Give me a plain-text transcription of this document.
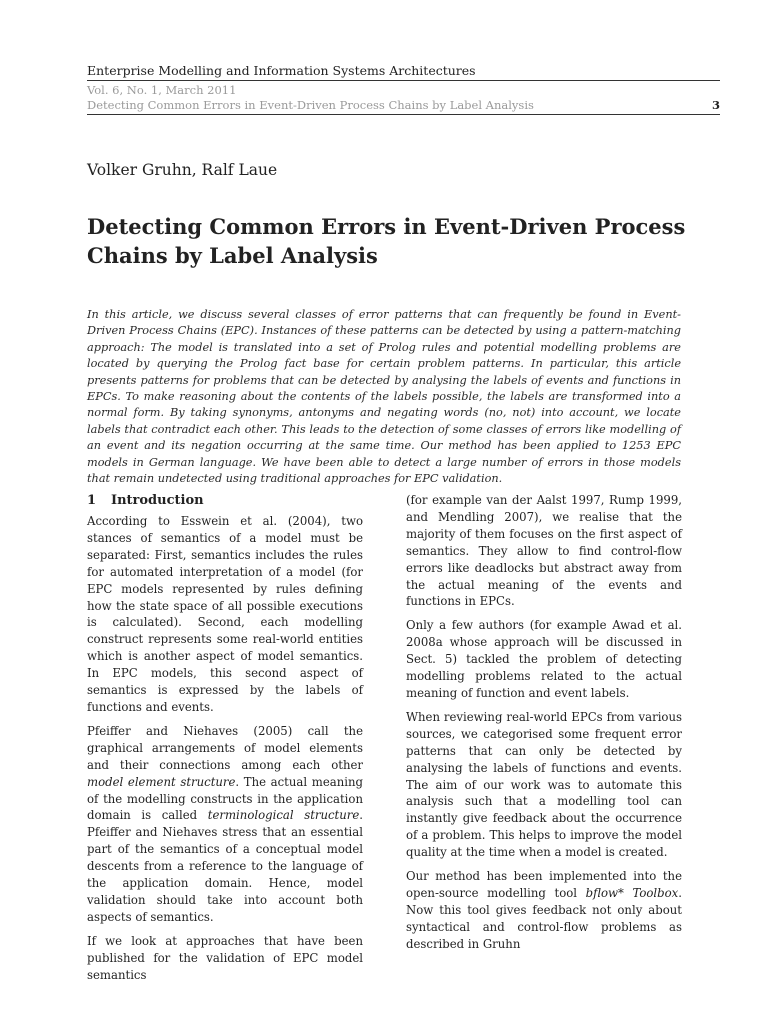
Enterprise Modelling and Information Systems Architectures
Vol. 6, No. 1, March 2011
Detecting Common Errors in Event-Driven Process Chains by Label Analysis	3
Volker Gruhn, Ralf Laue
Detecting Common Errors in Event-Driven Process Chains by Label Analysis
In this article, we discuss several classes of error patterns that can frequently be found in Event-Driven Process Chains (EPC). Instances of these patterns can be detected by using a pattern-matching approach: The model is translated into a set of Prolog rules and potential modelling problems are located by querying the Prolog fact base for certain problem patterns. In particular, this article presents patterns for problems that can be detected by analysing the labels of events and functions in EPCs. To make reasoning about the contents of the labels possible, the labels are transformed into a normal form. By taking synonyms, antonyms and negating words (no, not) into account, we locate labels that contradict each other. This leads to the detection of some classes of errors like modelling of an event and its negation occurring at the same time. Our method has been applied to 1253 EPC models in German language. We have been able to detect a large number of errors in those models that remain undetected using traditional approaches for EPC validation.
1 Introduction

According to Esswein et al. (2004), two stances of semantics of a model must be separated: First, semantics includes the rules for automated interpretation of a model (for EPC models represented by rules defining how the state space of all possible executions is calculated). Second, each modelling construct represents some real-world entities which is another aspect of model semantics. In EPC models, this second aspect of semantics is expressed by the labels of functions and events.

Pfeiffer and Niehaves (2005) call the graphical arrangements of model elements and their connections among each other model element structure. The actual meaning of the modelling constructs in the application domain is called terminological structure. Pfeiffer and Niehaves stress that an essential part of the semantics of a conceptual model descents from a reference to the language of the application domain. Hence, model validation should take into account both aspects of semantics.

If we look at approaches that have been published for the validation of EPC model semantics

(for example van der Aalst 1997, Rump 1999, and Mendling 2007), we realise that the majority of them focuses on the first aspect of semantics. They allow to find control-flow errors like deadlocks but abstract away from the actual meaning of the events and functions in EPCs.

Only a few authors (for example Awad et al. 2008a whose approach will be discussed in Sect. 5) tackled the problem of detecting modelling problems related to the actual meaning of function and event labels.

When reviewing real-world EPCs from various sources, we categorised some frequent error patterns that can only be detected by analysing the labels of functions and events. The aim of our work was to automate this analysis such that a modelling tool can instantly give feedback about the occurrence of a problem. This helps to improve the model quality at the time when a model is created.

Our method has been implemented into the open-source modelling tool bflow* Toolbox. Now this tool gives feedback not only about syntactical and control-flow problems as described in Gruhn
